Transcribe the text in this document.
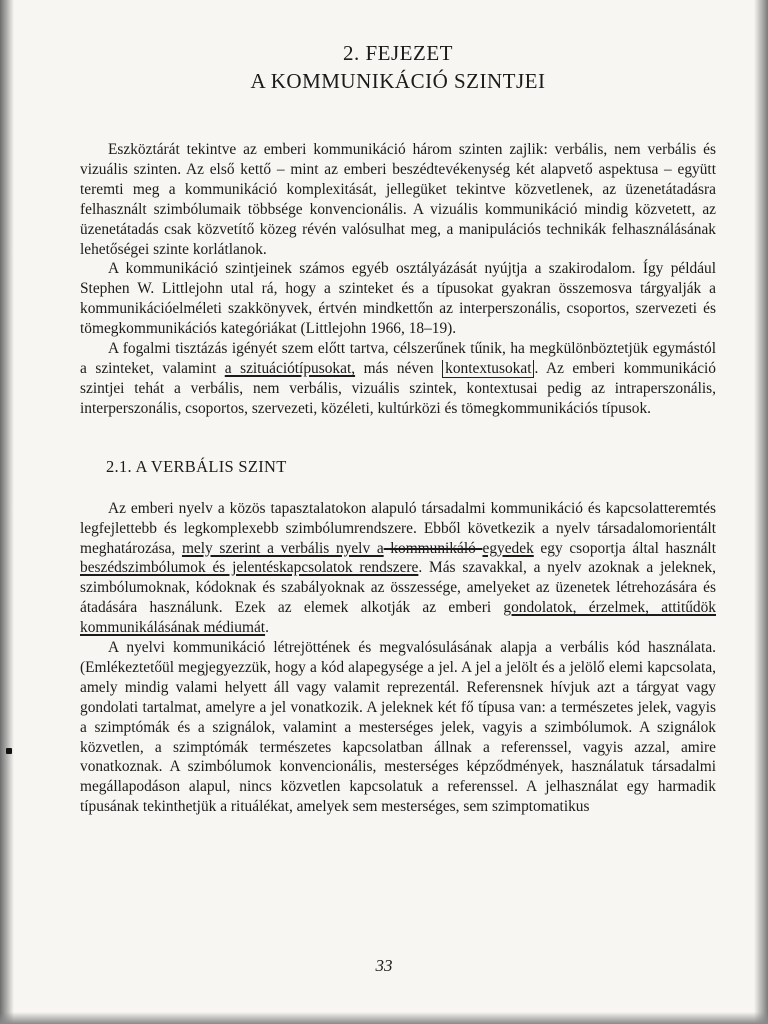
2. FEJEZET
A KOMMUNIKÁCIÓ SZINTJEI

Eszköztárát tekintve az emberi kommunikáció három szinten zajlik: verbális, nem verbális és vizuális szinten. Az első kettő – mint az emberi beszédtevékenység két alapvető aspektusa – együtt teremti meg a kommunikáció komplexitását, jellegüket tekintve közvetlenek, az üzenetátadásra felhasznált szimbólumaik többsége konvencionális. A vizuális kommunikáció mindig közvetett, az üzenetátadás csak közvetítő közeg révén valósulhat meg, a manipulációs technikák felhasználásának lehetőségei szinte korlátlanok.

A kommunikáció szintjeinek számos egyéb osztályázását nyújtja a szakirodalom. Így például Stephen W. Littlejohn utal rá, hogy a szinteket és a típusokat gyakran összemosva tárgyalják a kommunikációelméleti szakkönyvek, értvén mindkettőn az interperszonális, csoportos, szervezeti és tömegkommunikációs kategóriákat (Littlejohn 1966, 18–19).

A fogalmi tisztázás igényét szem előtt tartva, célszerűnek tűnik, ha megkülönböztetjük egymástól a szinteket, valamint a szituációtípusokat, más néven kontextusokat . Az emberi kommunikáció szintjei tehát a verbális, nem verbális, vizuális szintek, kontextusai pedig az intraperszonális, interperszonális, csoportos, szervezeti, közéleti, kultúrközi és tömegkommunikációs típusok.

2.1. A VERBÁLIS SZINT

Az emberi nyelv a közös tapasztalatokon alapuló társadalmi kommunikáció és kapcsolatteremtés legfejlettebb és legkomplexebb szimbólumrendszere. Ebből következik a nyelv társadalomorientált meghatározása, mely szerint a verbális nyelv a kommunikáló egyedek egy csoportja által használt beszédszimbólumok és jelentéskapcsolatok rendszere. Más szavakkal, a nyelv azoknak a jeleknek, szimbólumoknak, kódoknak és szabályoknak az összessége, amelyeket az üzenetek létrehozására és átadására használunk. Ezek az elemek alkotják az emberi gondolatok, érzelmek, attitűdök kommunikálásának médiumát.

A nyelvi kommunikáció létrejöttének és megvalósulásának alapja a verbális kód használata. (Emlékeztetőül megjegyezzük, hogy a kód alapegysége a jel. A jel a jelölt és a jelölő elemi kapcsolata, amely mindig valami helyett áll vagy valamit reprezentál. Referensnek hívjuk azt a tárgyat vagy gondolati tartalmat, amelyre a jel vonatkozik. A jeleknek két fő típusa van: a természetes jelek, vagyis a szimptómák és a szignálok, valamint a mesterséges jelek, vagyis a szimbólumok. A szignálok közvetlen, a szimptómák természetes kapcsolatban állnak a referenssel, vagyis azzal, amire vonatkoznak. A szimbólumok konvencionális, mesterséges képződmények, használatuk társadalmi megállapodáson alapul, nincs közvetlen kapcsolatuk a referenssel. A jelhasználat egy harmadik típusának tekinthetjük a rituálékat, amelyek sem mesterséges, sem szimptomatikus

33
